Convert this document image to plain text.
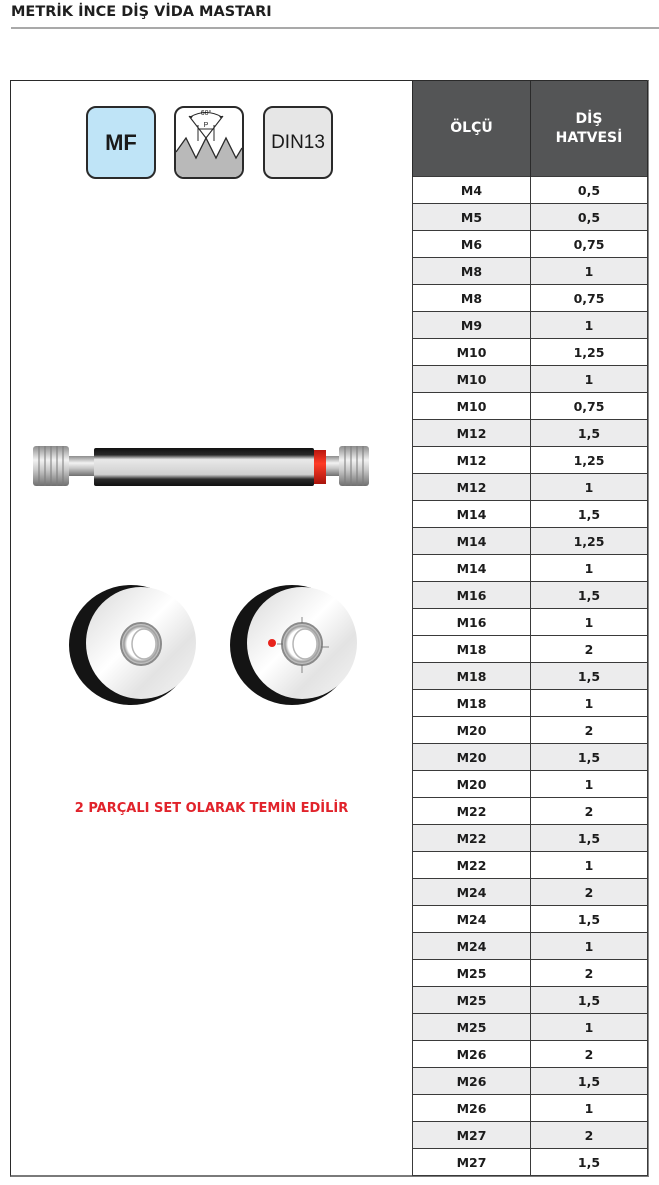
METRİK İNCE DİŞ VİDA MASTARI
MF
60°
P
DIN13
2 PARÇALI SET OLARAK TEMİN EDİLİR
ÖLÇÜ	DİŞ
HATVESİ
M4	0,5
M5	0,5
M6	0,75
M8	1
M8	0,75
M9	1
M10	1,25
M10	1
M10	0,75
M12	1,5
M12	1,25
M12	1
M14	1,5
M14	1,25
M14	1
M16	1,5
M16	1
M18	2
M18	1,5
M18	1
M20	2
M20	1,5
M20	1
M22	2
M22	1,5
M22	1
M24	2
M24	1,5
M24	1
M25	2
M25	1,5
M25	1
M26	2
M26	1,5
M26	1
M27	2
M27	1,5
